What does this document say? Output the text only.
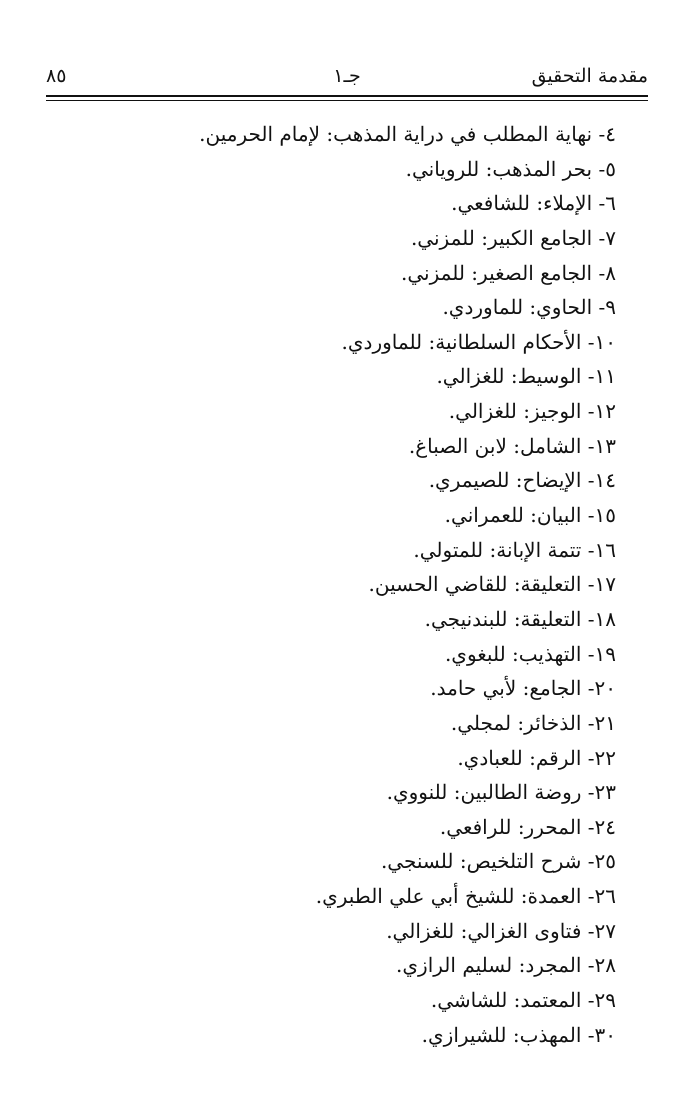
مقدمة التحقيق
جـ١
٨٥
٤- نهاية المطلب في دراية المذهب: لإمام الحرمين.
٥- بحر المذهب: للروياني.
٦- الإملاء: للشافعي.
٧- الجامع الكبير: للمزني.
٨- الجامع الصغير: للمزني.
٩- الحاوي: للماوردي.
١٠- الأحكام السلطانية: للماوردي.
١١- الوسيط: للغزالي.
١٢- الوجيز: للغزالي.
١٣- الشامل: لابن الصباغ.
١٤- الإيضاح: للصيمري.
١٥- البيان: للعمراني.
١٦- تتمة الإبانة: للمتولي.
١٧- التعليقة: للقاضي الحسين.
١٨- التعليقة: للبندنيجي.
١٩- التهذيب: للبغوي.
٢٠- الجامع: لأبي حامد.
٢١- الذخائر: لمجلي.
٢٢- الرقم: للعبادي.
٢٣- روضة الطالبين: للنووي.
٢٤- المحرر: للرافعي.
٢٥- شرح التلخيص: للسنجي.
٢٦- العمدة: للشيخ أبي علي الطبري.
٢٧- فتاوى الغزالي: للغزالي.
٢٨- المجرد: لسليم الرازي.
٢٩- المعتمد: للشاشي.
٣٠- المهذب: للشيرازي.
